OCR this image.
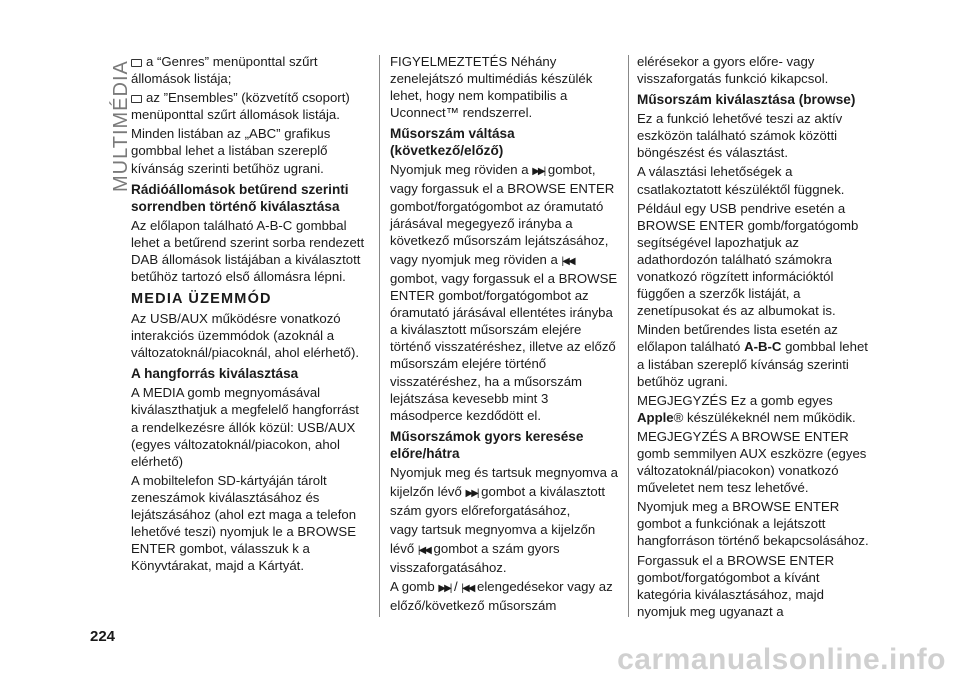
MULTIMÉDIA
224

a “Genres” menüponttal szűrt állomások listája;

az ”Ensembles” (közvetítő csoport) menüponttal szűrt állomások listája.

Minden listában az „ABC” grafikus gombbal lehet a listában szereplő kívánság szerinti betűhöz ugrani.

Rádióállomások betűrend szerinti sorrendben történő kiválasztása

Az előlapon található A-B-C gombbal lehet a betűrend szerint sorba rendezett DAB állomások listájában a kiválasztott betűhöz tartozó első állomásra lépni.

MEDIA ÜZEMMÓD

Az USB/AUX működésre vonatkozó interakciós üzemmódok (azoknál a változatoknál/piacoknál, ahol elérhető).

A hangforrás kiválasztása

A MEDIA gomb megnyomásával kiválaszthatjuk a megfelelő hangforrást a rendelkezésre állók közül: USB/AUX (egyes változatoknál/piacokon, ahol elérhető)

A mobiltelefon SD-kártyáján tárolt zeneszámok kiválasztásához és lejátszásához (ahol ezt maga a telefon lehetővé teszi) nyomjuk le a BROWSE ENTER gombot, válasszuk k a Könyvtárakat, majd a Kártyát.

FIGYELMEZTETÉS Néhány zenelejátszó multimédiás készülék lehet, hogy nem kompatibilis a Uconnect™ rendszerrel.

Műsorszám váltása (következő/előző)

Nyomjuk meg röviden a ▶▶| gombot, vagy forgassuk el a BROWSE ENTER gombot/forgatógombot az óramutató járásával megegyező irányba a következő műsorszám lejátszásához,

vagy nyomjuk meg röviden a |◀◀ gombot, vagy forgassuk el a BROWSE ENTER gombot/forgatógombot az óramutató járásával ellentétes irányba a kiválasztott műsorszám elejére történő visszatéréshez, illetve az előző műsorszám elejére történő visszatéréshez, ha a műsorszám lejátszása kevesebb mint 3 másodperce kezdődött el.

Műsorszámok gyors keresése előre/hátra

Nyomjuk meg és tartsuk megnyomva a

kijelzőn lévő ▶▶| gombot a kiválasztott szám gyors előreforgatásához,

vagy tartsuk megnyomva a kijelzőn

lévő |◀◀ gombot a szám gyors visszaforgatásához.

A gomb ▶▶| / |◀◀ elengedésekor vagy az előző/következő műsorszám

elérésekor a gyors előre- vagy visszaforgatás funkció kikapcsol.

Műsorszám kiválasztása (browse)

Ez a funkció lehetővé teszi az aktív eszközön található számok közötti böngészést és választást.

A választási lehetőségek a csatlakoztatott készüléktől függnek.

Például egy USB pendrive esetén a BROWSE ENTER gomb/forgatógomb segítségével lapozhatjuk az adathordozón található számokra vonatkozó rögzített információktól függően a szerzők listáját, a zenetípusokat és az albumokat is.

Minden betűrendes lista esetén az előlapon található A-B-C gombbal lehet a listában szereplő kívánság szerinti betűhöz ugrani.

MEGJEGYZÉS Ez a gomb egyes Apple® készülékeknél nem működik.

MEGJEGYZÉS A BROWSE ENTER gomb semmilyen AUX eszközre (egyes változatoknál/piacokon) vonatkozó műveletet nem tesz lehetővé.

Nyomjuk meg a BROWSE ENTER gombot a funkciónak a lejátszott hangforráson történő bekapcsolásához.

Forgassuk el a BROWSE ENTER gombot/forgatógombot a kívánt kategória kiválasztásához, majd nyomjuk meg ugyanazt a

carmanualsonline.info
